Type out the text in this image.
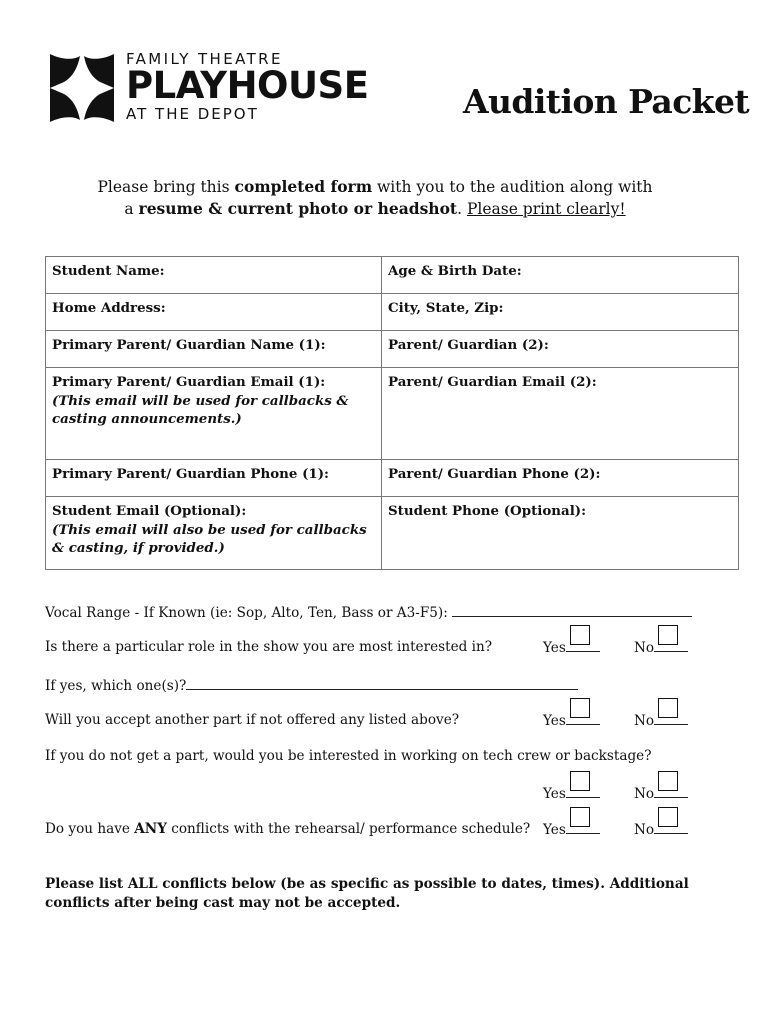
FAMILY THEATRE
PLAYHOUSE
AT THE DEPOT	Audition Packet
Please bring this completed form with you to the audition along with
a resume & current photo or headshot. Please print clearly!
Student Name:	Age & Birth Date:
Home Address:	City, State, Zip:
Primary Parent/ Guardian Name (1):	Parent/ Guardian (2):
Primary Parent/ Guardian Email (1):
(This email will be used for callbacks & casting announcements.)	Parent/ Guardian Email (2):
Primary Parent/ Guardian Phone (1):	Parent/ Guardian Phone (2):
Student Email (Optional):
(This email will also be used for callbacks & casting, if provided.)	Student Phone (Optional):
Vocal Range - If Known (ie: Sop, Alto, Ten, Bass or A3-F5):
Is there a particular role in the show you are most interested in?	Yes	No
If yes, which one(s)?
Will you accept another part if not offered any listed above?	Yes	No
If you do not get a part, would you be interested in working on tech crew or backstage?
Yes	No
Do you have ANY conflicts with the rehearsal/ performance schedule? Yes	No
Please list ALL conflicts below (be as specific as possible to dates, times). Additional conflicts after being cast may not be accepted.
